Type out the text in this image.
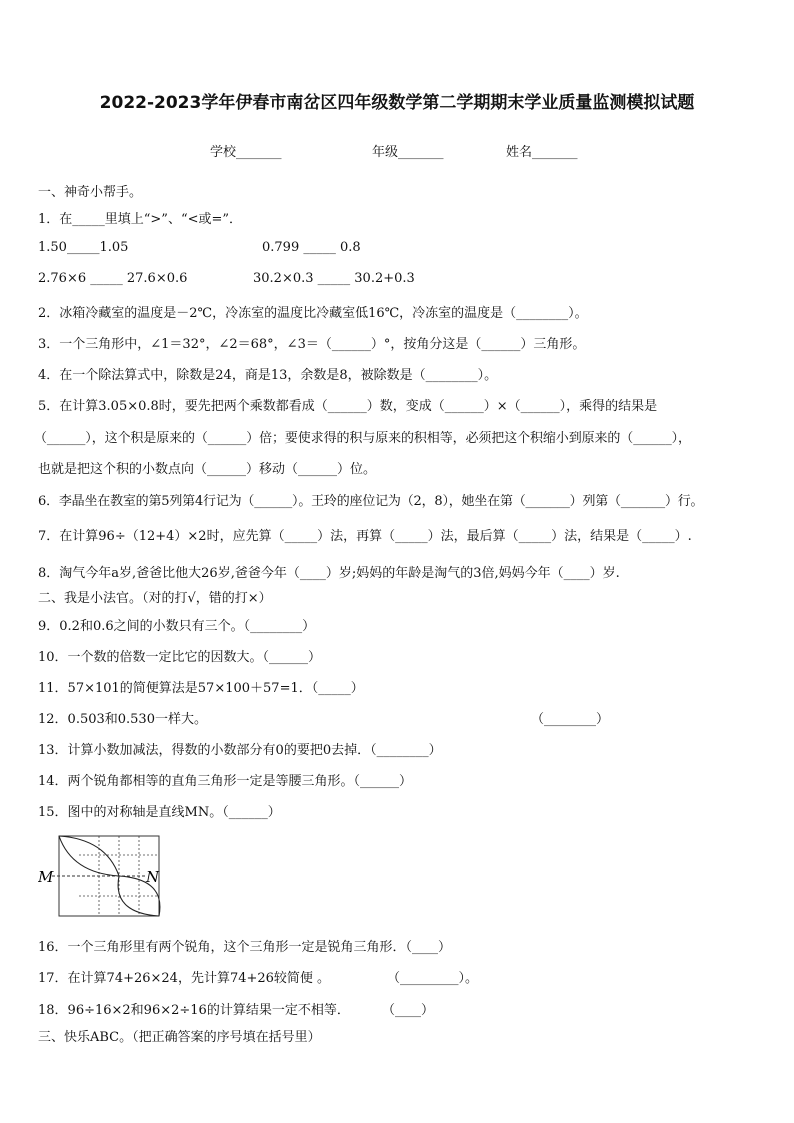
2022-2023学年伊春市南岔区四年级数学第二学期期末学业质量监测模拟试题
学校_______	年级_______	姓名_______
一、神奇小帮手。
1．在_____里填上“>”、“<或=”．
1.50_____1.05	0.799 _____ 0.8
2.76×6 _____ 27.6×0.6	30.2×0.3 _____ 30.2+0.3
2．冰箱冷藏室的温度是－2℃，冷冻室的温度比冷藏室低16℃，冷冻室的温度是（________）。
3．一个三角形中，∠1＝32°，∠2＝68°，∠3＝（______）°，按角分这是（______）三角形。
4．在一个除法算式中，除数是24，商是13，余数是8，被除数是（________）。
5．在计算3.05×0.8时，要先把两个乘数都看成（______）数，变成（______）×（______），乘得的结果是
（______），这个积是原来的（______）倍；要使求得的积与原来的积相等，必须把这个积缩小到原来的（______），
也就是把这个积的小数点向（______）移动（______）位。
6．李晶坐在教室的第5列第4行记为（______）。王玲的座位记为（2，8），她坐在第（_______）列第（_______）行。
7．在计算96÷（12+4）×2时，应先算（_____）法，再算（_____）法，最后算（_____）法，结果是（_____）.
8．淘气今年a岁,爸爸比他大26岁,爸爸今年（____）岁;妈妈的年龄是淘气的3倍,妈妈今年（____）岁.
二、我是小法官。（对的打√，错的打×）
9．0.2和0.6之间的小数只有三个。（________）
10．一个数的倍数一定比它的因数大。（______）
11．57×101的简便算法是57×100＋57=1．（_____）
12．0.503和0.530一样大。	（________）
13．计算小数加减法，得数的小数部分有0的要把0去掉．（________）
14．两个锐角都相等的直角三角形一定是等腰三角形。（______）
15．图中的对称轴是直线MN。（______）
M	N
16．一个三角形里有两个锐角，这个三角形一定是锐角三角形．（____）
17．在计算74+26×24，先计算74+26较简便 。	（_________）。
18．96÷16×2和96×2÷16的计算结果一定不相等． （____）
三、快乐ABC。（把正确答案的序号填在括号里）
